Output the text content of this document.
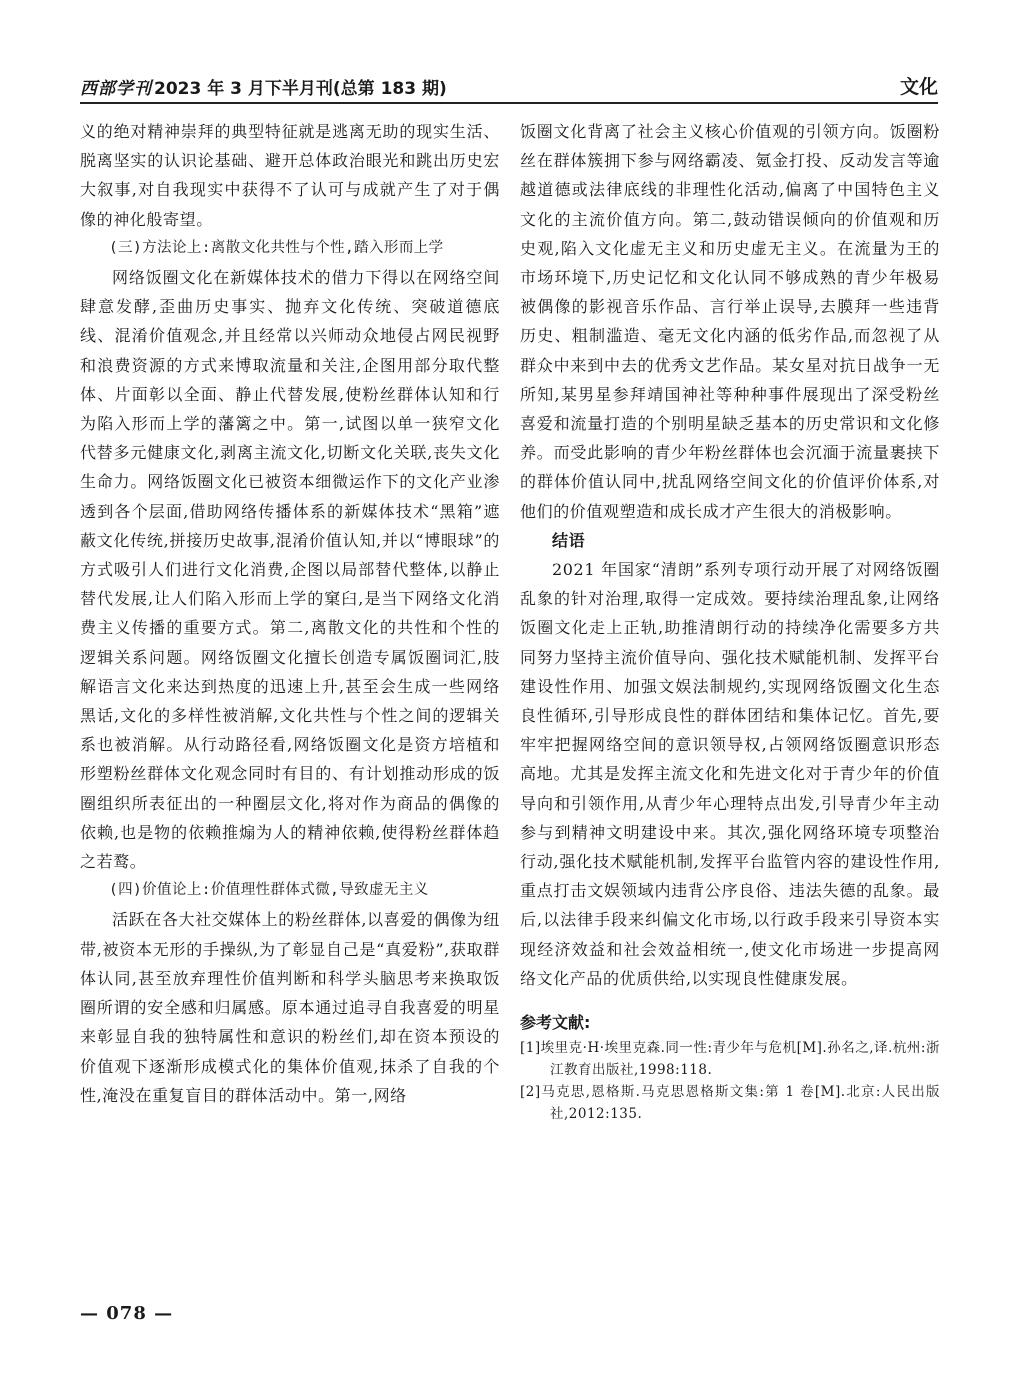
西部学刊 2023 年 3 月下半月刊(总第 183 期)	文化

义的绝对精神崇拜的典型特征就是逃离无助的现实生活、脱离坚实的认识论基础、避开总体政治眼光和跳出历史宏大叙事,对自我现实中获得不了认可与成就产生了对于偶像的神化般寄望。

(三)方法论上:离散文化共性与个性,踏入形而上学

网络饭圈文化在新媒体技术的借力下得以在网络空间肆意发酵,歪曲历史事实、抛弃文化传统、突破道德底线、混淆价值观念,并且经常以兴师动众地侵占网民视野和浪费资源的方式来博取流量和关注,企图用部分取代整体、片面彰以全面、静止代替发展,使粉丝群体认知和行为陷入形而上学的藩篱之中。第一,试图以单一狭窄文化代替多元健康文化,剥离主流文化,切断文化关联,丧失文化生命力。网络饭圈文化已被资本细微运作下的文化产业渗透到各个层面,借助网络传播体系的新媒体技术“黑箱”遮蔽文化传统,拼接历史故事,混淆价值认知,并以“博眼球”的方式吸引人们进行文化消费,企图以局部替代整体,以静止替代发展,让人们陷入形而上学的窠臼,是当下网络文化消费主义传播的重要方式。第二,离散文化的共性和个性的逻辑关系问题。网络饭圈文化擅长创造专属饭圈词汇,肢解语言文化来达到热度的迅速上升,甚至会生成一些网络黑话,文化的多样性被消解,文化共性与个性之间的逻辑关系也被消解。从行动路径看,网络饭圈文化是资方培植和形塑粉丝群体文化观念同时有目的、有计划推动形成的饭圈组织所表征出的一种圈层文化,将对作为商品的偶像的依赖,也是物的依赖推煽为人的精神依赖,使得粉丝群体趋之若鹜。

(四)价值论上:价值理性群体式微,导致虚无主义

活跃在各大社交媒体上的粉丝群体,以喜爱的偶像为纽带,被资本无形的手操纵,为了彰显自己是“真爱粉”,获取群体认同,甚至放弃理性价值判断和科学头脑思考来换取饭圈所谓的安全感和归属感。原本通过追寻自我喜爱的明星来彰显自我的独特属性和意识的粉丝们,却在资本预设的价值观下逐渐形成模式化的集体价值观,抹杀了自我的个性,淹没在重复盲目的群体活动中。第一,网络

饭圈文化背离了社会主义核心价值观的引领方向。饭圈粉丝在群体簇拥下参与网络霸凌、氪金打投、反动发言等逾越道德或法律底线的非理性化活动,偏离了中国特色主义文化的主流价值方向。第二,鼓动错误倾向的价值观和历史观,陷入文化虚无主义和历史虚无主义。在流量为王的市场环境下,历史记忆和文化认同不够成熟的青少年极易被偶像的影视音乐作品、言行举止误导,去膜拜一些违背历史、粗制滥造、毫无文化内涵的低劣作品,而忽视了从群众中来到中去的优秀文艺作品。某女星对抗日战争一无所知,某男星参拜靖国神社等种种事件展现出了深受粉丝喜爱和流量打造的个别明星缺乏基本的历史常识和文化修养。而受此影响的青少年粉丝群体也会沉湎于流量裹挟下的群体价值认同中,扰乱网络空间文化的价值评价体系,对他们的价值观塑造和成长成才产生很大的消极影响。

结语

2021 年国家“清朗”系列专项行动开展了对网络饭圈乱象的针对治理,取得一定成效。要持续治理乱象,让网络饭圈文化走上正轨,助推清朗行动的持续净化需要多方共同努力坚持主流价值导向、强化技术赋能机制、发挥平台建设性作用、加强文娱法制规约,实现网络饭圈文化生态良性循环,引导形成良性的群体团结和集体记忆。首先,要牢牢把握网络空间的意识领导权,占领网络饭圈意识形态高地。尤其是发挥主流文化和先进文化对于青少年的价值导向和引领作用,从青少年心理特点出发,引导青少年主动参与到精神文明建设中来。其次,强化网络环境专项整治行动,强化技术赋能机制,发挥平台监管内容的建设性作用,重点打击文娱领域内违背公序良俗、违法失德的乱象。最后,以法律手段来纠偏文化市场,以行政手段来引导资本实现经济效益和社会效益相统一,使文化市场进一步提高网络文化产品的优质供给,以实现良性健康发展。

参考文献:
[1]埃里克·H·埃里克森.同一性:青少年与危机[M].孙名之,译.杭州:浙江教育出版社,1998:118.
[2]马克思,恩格斯.马克思恩格斯文集:第 1 卷[M].北京:人民出版社,2012:135.
— 078 —
